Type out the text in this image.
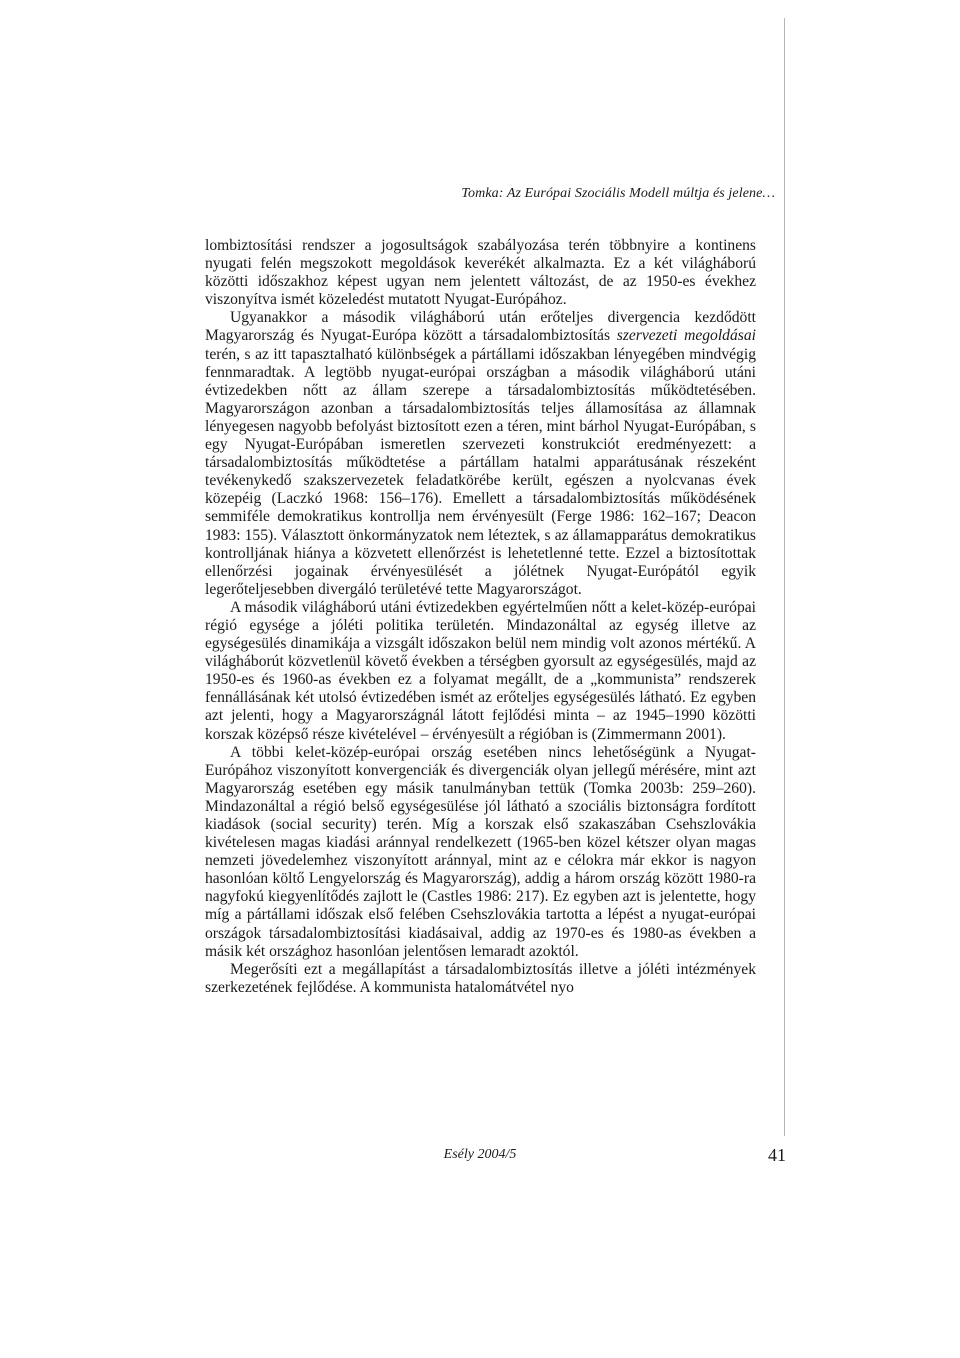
Tomka: Az Európai Szociális Modell múltja és jelene…

lombiztosítási rendszer a jogosultságok szabályozása terén többnyire a kontinens nyugati felén megszokott megoldások keverékét alkalmazta. Ez a két világháború közötti időszakhoz képest ugyan nem jelentett változást, de az 1950-es évekhez viszonyítva ismét közeledést mutatott Nyugat-Európához.

Ugyanakkor a második világháború után erőteljes divergencia kezdődött Magyarország és Nyugat-Európa között a társadalombiztosítás szervezeti megoldásai terén, s az itt tapasztalható különbségek a pártállami időszakban lényegében mindvégig fennmaradtak. A legtöbb nyugat-európai országban a második világháború utáni évtizedekben nőtt az állam szerepe a társadalombiztosítás működtetésében. Magyarországon azonban a társadalombiztosítás teljes államosítása az államnak lényegesen nagyobb befolyást biztosított ezen a téren, mint bárhol Nyugat-Európában, s egy Nyugat-Európában ismeretlen szervezeti konstrukciót eredményezett: a társadalombiztosítás működtetése a pártállam hatalmi apparátusának részeként tevékenykedő szakszervezetek feladatkörébe került, egészen a nyolcvanas évek közepéig (Laczkó 1968: 156–176). Emellett a társadalombiztosítás működésének semmiféle demokratikus kontrollja nem érvényesült (Ferge 1986: 162–167; Deacon 1983: 155). Választott önkormányzatok nem léteztek, s az államapparátus demokratikus kontrolljának hiánya a közvetett ellenőrzést is lehetetlenné tette. Ezzel a biztosítottak ellenőrzési jogainak érvényesülését a jólétnek Nyugat-Európától egyik legerőteljesebben divergáló területévé tette Magyarországot.

A második világháború utáni évtizedekben egyértelműen nőtt a kelet-közép-európai régió egysége a jóléti politika területén. Mindazonáltal az egység illetve az egységesülés dinamikája a vizsgált időszakon belül nem mindig volt azonos mértékű. A világháborút közvetlenül követő években a térségben gyorsult az egységesülés, majd az 1950-es és 1960-as években ez a folyamat megállt, de a „kommunista” rendszerek fennállásának két utolsó évtizedében ismét az erőteljes egységesülés látható. Ez egyben azt jelenti, hogy a Magyarországnál látott fejlődési minta – az 1945–1990 közötti korszak középső része kivételével – érvényesült a régióban is (Zimmermann 2001).

A többi kelet-közép-európai ország esetében nincs lehetőségünk a Nyugat-Európához viszonyított konvergenciák és divergenciák olyan jellegű mérésére, mint azt Magyarország esetében egy másik tanulmányban tettük (Tomka 2003b: 259–260). Mindazonáltal a régió belső egységesülése jól látható a szociális biztonságra fordított kiadások (social security) terén. Míg a korszak első szakaszában Csehszlovákia kivételesen magas kiadási aránnyal rendelkezett (1965-ben közel kétszer olyan magas nemzeti jövedelemhez viszonyított aránnyal, mint az e célokra már ekkor is nagyon hasonlóan költő Lengyelország és Magyarország), addig a három ország között 1980-ra nagyfokú kiegyenlítődés zajlott le (Castles 1986: 217). Ez egyben azt is jelentette, hogy míg a pártállami időszak első felében Csehszlovákia tartotta a lépést a nyugat-európai országok társadalombiztosítási kiadásaival, addig az 1970-es és 1980-as években a másik két országhoz hasonlóan jelentősen lemaradt azoktól.

Megerősíti ezt a megállapítást a társadalombiztosítás illetve a jóléti intézmények szerkezetének fejlődése. A kommunista hatalomátvétel nyo

Esély 2004/5	41
